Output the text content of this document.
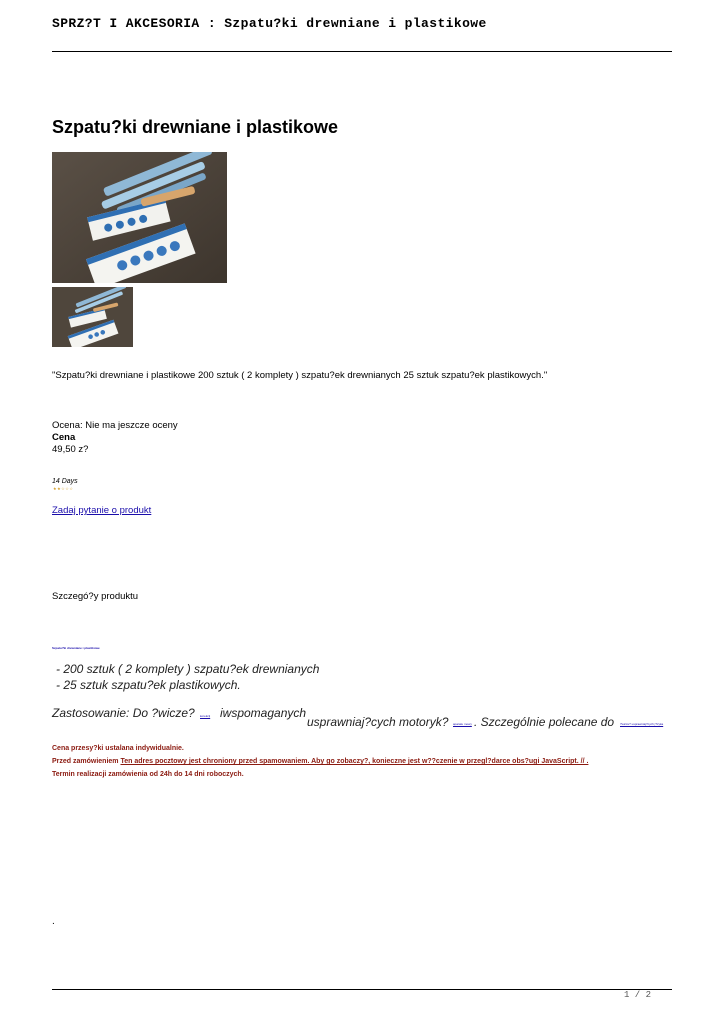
SPRZ?T I AKCESORIA : Szpatu?ki drewniane i plastikowe
Szpatu?ki drewniane i plastikowe
"Szpatu?ki drewniane i plastikowe 200 sztuk ( 2 komplety ) szpatu?ek drewnianych 25 sztuk szpatu?ek plastikowych."
Ocena: Nie ma jeszcze oceny
Cena
49,50 z?
14 Days
★★☆☆☆
Zadaj pytanie o produkt
Szczegó?y produktu
Szpatu?ki drewniane i plastikowe
- 200 sztuk ( 2 komplety ) szpatu?ek drewnianych
- 25 sztuk szpatu?ek plastikowych.
Zastosowanie: Do ?wicze? korekcji iwspomaganych
usprawniaj?cych motoryk? aparatu mowy . Szczególnie polecane do ?wicze? usprawniaj?cych j?zyka
Cena przesy?ki ustalana indywidualnie.
Przed zamówieniem Ten adres pocztowy jest chroniony przed spamowaniem. Aby go zobaczy?, konieczne jest w??czenie w przegl?darce obs?ugi JavaScript. // .
Termin realizacji zamówienia od 24h do 14 dni roboczych.
.
1 / 2
